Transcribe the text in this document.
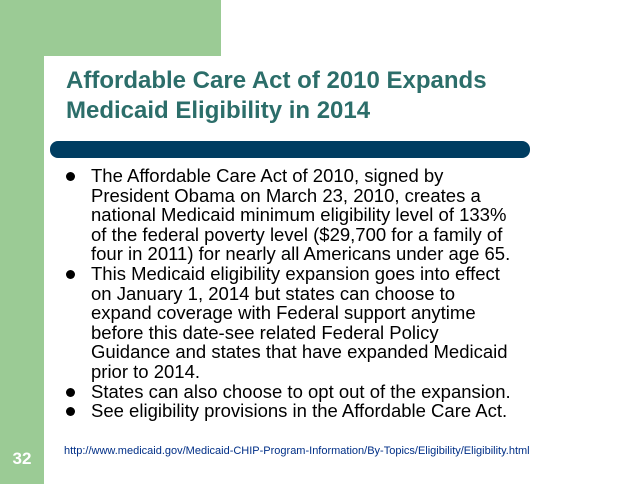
32
Affordable Care Act of 2010 Expands
Medicaid Eligibility in 2014
The Affordable Care Act of 2010, signed by
President Obama on March 23, 2010, creates a
national Medicaid minimum eligibility level of 133%
of the federal poverty level ($29,700 for a family of
four in 2011) for nearly all Americans under age 65.
This Medicaid eligibility expansion goes into effect
on January 1, 2014 but states can choose to
expand coverage with Federal support anytime
before this date-see related Federal Policy
Guidance and states that have expanded Medicaid
prior to 2014.
States can also choose to opt out of the expansion.
See eligibility provisions in the Affordable Care Act.
http://www.medicaid.gov/Medicaid-CHIP-Program-Information/By-Topics/Eligibility/Eligibility.html
